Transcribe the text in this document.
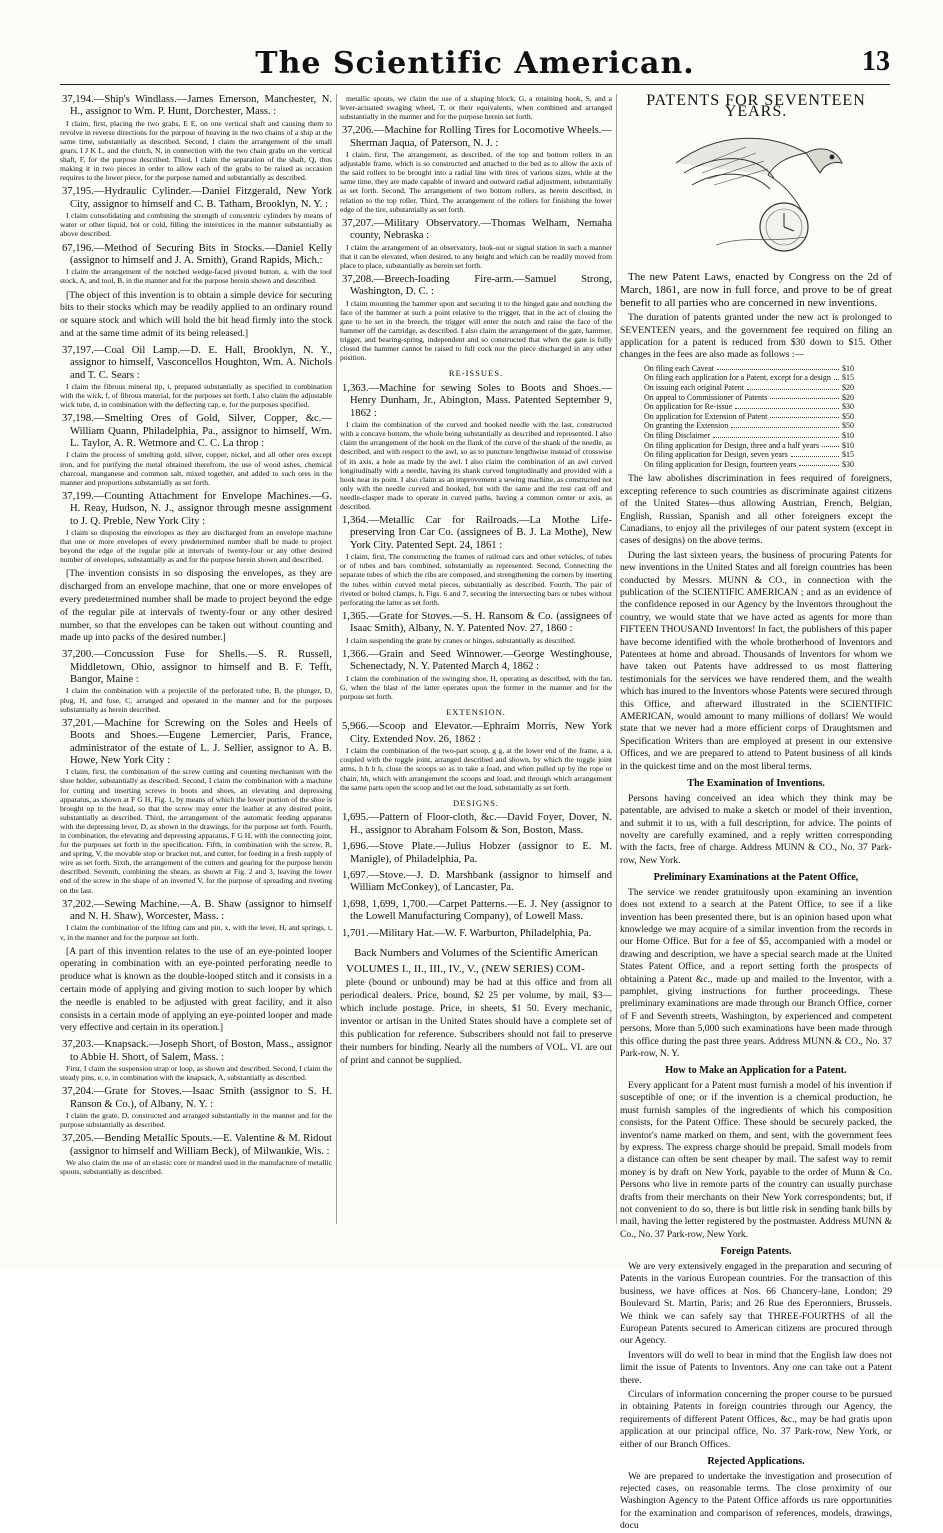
The Scientific American.	13

37,194.—Ship's Windlass.—James Emerson, Manchester, N. H., assignor to Wm. P. Hunt, Dorchester, Mass. :

I claim, first, placing the two grabs, E E, on one vertical shaft and causing them to revolve in reverse directions for the purpose of heaving in the two chains of a ship at the same time, substantially as described. Second, I claim the arrangement of the small gears, I J K L, and the clutch, N, in connection with the two chain grabs on the vertical shaft, F, for the purpose described. Third, I claim the separation of the shaft, Q, thus making it in two pieces in order to allow each of the grabs to be raised as occasion requires to the lower piece, for the purpose named and substantially as described.

37,195.—Hydraulic Cylinder.—Daniel Fitzgerald, New York City, assignor to himself and C. B. Tatham, Brooklyn, N. Y. :

I claim consolidating and combining the strength of concentric cylinders by means of water or other liquid, hot or cold, filling the interstices in the manner substantially as above described.

67,196.—Method of Securing Bits in Stocks.—Daniel Kelly (assignor to himself and J. A. Smith), Grand Rapids, Mich.:

I claim the arrangement of the notched wedge-faced pivoted button, a, with the tool stock, A, and tool, B, in the manner and for the purpose herein shown and described.

[The object of this invention is to obtain a simple device for securing bits to their stocks which may be readily applied to an ordinary round or square stock and which will hold the bit head firmly into the stock and at the same time admit of its being released.]

37,197.—Coal Oil Lamp.—D. E. Hall, Brooklyn, N. Y., assignor to himself, Vasconcellos Houghton, Wm. A. Nichols and T. C. Sears :

I claim the fibrous mineral tip, i, prepared substantially as specified in combination with the wick, f, of fibrous material, for the purposes set forth. I also claim the adjustable wick tube, d, in combination with the deflecting cap, e, for the purposes specified.

37,198.—Smelting Ores of Gold, Silver, Copper, &c.—William Quann, Philadelphia, Pa., assignor to himself, Wm. L. Taylor, A. R. Wetmore and C. C. La throp :

I claim the process of smelting gold, silver, copper, nickel, and all other ores except iron, and for purifying the metal obtained therefrom, the use of wood ashes, chemical charcoal, manganese and common salt, mixed together, and added to such ores in the manner and proportions substantially as set forth.

37,199.—Counting Attachment for Envelope Machines.—G. H. Reay, Hudson, N. J., assignor through mesne assignment to J. Q. Preble, New York City :

I claim so disposing the envelopes as they are discharged from an envelope machine that one or more envelopes of every predetermined number shall be made to project beyond the edge of the regular pile at intervals of twenty-four or any other desired number of envelopes, substantially as and for the purpose herein shown and described.

[The invention consists in so disposing the envelopes, as they are discharged from an envelope machine, that one or more envelopes of every predetermined number shall be made to project beyond the edge of the regular pile at intervals of twenty-four or any other desired number, so that the envelopes can be taken out without counting and made up into packs of the desired number.]

37,200.—Concussion Fuse for Shells.—S. R. Russell, Middletown, Ohio, assignor to himself and B. F. Tefft, Bangor, Maine :

I claim the combination with a projectile of the perforated tube, B, the plunger, D, plug, H, and fuse, C, arranged and operated in the manner and for the purposes substantially as herein described.

37,201.—Machine for Screwing on the Soles and Heels of Boots and Shoes.—Eugene Lemercier, Paris, France, administrator of the estate of L. J. Sellier, assignor to A. B. Howe, New York City :

I claim, first, the combination of the screw cutting and counting mechanism with the shoe holder, substantially as described. Second, I claim the combination with a machine for cutting and inserting screws in boots and shoes, an elevating and depressing apparatus, as shown at F G H, Fig. 1, by means of which the lower portion of the shoe is brought up to the head, so that the screw may enter the leather at any desired point, substantially as described. Third, the arrangement of the automatic feeding apparatus with the depressing lever, D, as shown in the drawings, for the purpose set forth. Fourth, in combination, the elevating and depressing apparatus, F G H, with the connecting joint, for the purposes set forth in the specification. Fifth, in combination with the screw, R, and spring, V, the movable stop or bracket nut, and cutter, for feeding in a fresh supply of wire as set forth. Sixth, the arrangement of the cutters and gearing for the purpose herein described. Seventh, combining the shears, as shown at Fig. 2 and 3, leaving the lower end of the screw in the shape of an inverted V, for the purpose of spreading and riveting on the last.

37,202.—Sewing Machine.—A. B. Shaw (assignor to himself and N. H. Shaw), Worcester, Mass. :

I claim the combination of the lifting cam and pin, x, with the lever, H, and springs, t, v, in the manner and for the purpose set forth.

[A part of this invention relates to the use of an eye-pointed looper operating in combination with an eye-pointed perforating needle to produce what is known as the double-looped stitch and it consists in a certain mode of applying and giving motion to such looper by which the needle is enabled to be adjusted with great facility, and it also consists in a certain mode of applying an eye-pointed looper and made very effective and certain in its operation.]

37,203.—Knapsack.—Joseph Short, of Boston, Mass., assignor to Abbie H. Short, of Salem, Mass. :

First, I claim the suspension strap or loop, as shown and described. Second, I claim the steady pins, e, e, in combination with the knapsack, A, substantially as described.

37,204.—Grate for Stoves.—Isaac Smith (assignor to S. H. Ranson & Co.), of Albany, N. Y. :

I claim the grate, D, constructed and arranged substantially in the manner and for the purpose substantially as described.

37,205.—Bending Metallic Spouts.—E. Valentine & M. Ridout (assignor to himself and William Beck), of Milwaukie, Wis. :

We also claim the use of an elastic core or mandrel used in the manufacture of metallic spouts, substantially as described.

metallic spouts, we claim the use of a shaping block, G, a retaining hook, S, and a lever-actuated swaging wheel, T, or their equivalents, when combined and arranged substantially in the manner and for the purpose herein set forth.

37,206.—Machine for Rolling Tires for Locomotive Wheels.—Sherman Jaqua, of Paterson, N. J. :

I claim, first, The arrangement, as described, of the top and bottom rollers in an adjustable frame, which is so constructed and attached to the bed as to allow the axis of the said rollers to be brought into a radial line with tires of various sizes, while at the same time, they are made capable of inward and outward radial adjustment, substantially as set forth. Second, The arrangement of two bottom rollers, as herein described, in relation to the top roller. Third, The arrangement of the rollers for finishing the lower edge of the tire, substantially as set forth.

37,207.—Military Observatory.—Thomas Welham, Nemaha county, Nebraska :

I claim the arrangement of an observatory, look-out or signal station in such a manner that it can be elevated, when desired, to any height and which can be readily moved from place to place, substantially as herein set forth.

37,208.—Breech-loading Fire-arm.—Samuel Strong, Washington, D. C. :

I claim mounting the hammer upon and securing it to the hinged gate and notching the face of the hammer at such a point relative to the trigger, that in the act of closing the gate to be set in the breech, the trigger will enter the notch and raise the face of the hammer off the cartridge, as described. I also claim the arrangement of the gate, hammer, trigger, and bearing-spring, independent and so constructed that when the gate is fully closed the hammer cannot be raised to full cock nor the piece discharged in any other position.

RE-ISSUES.

1,363.—Machine for sewing Soles to Boots and Shoes.—Henry Dunham, Jr., Abington, Mass. Patented September 9, 1862 :

I claim the combination of the curved and hooked needle with the last, constructed with a concave bottom, the whole being substantially as described and represented. I also claim the arrangement of the hook on the flank of the curve of the shank of the needle, as described, and with respect to the awl, so as to puncture lengthwise instead of crosswise of its axis, a hole as made by the awl. I also claim the combination of an awl curved longitudinally with a needle, having its shank curved longitudinally and provided with a hook near its point. I also claim as an improvement a sewing machine, as constructed not only with the needle curved and hooked, but with the same and the rest cast off and needle-clasper made to operate in curved paths, having a common center or axis, as described.

1,364.—Metallic Car for Railroads.—La Mothe Life-preserving Iron Car Co. (assignees of B. J. La Mothe), New York City. Patented Sept. 24, 1861 :

I claim, first, The constructing the frames of railroad cars and other vehicles, of tubes or of tubes and bars combined, substantially as represented. Second, Connecting the separate tubes of which the ribs are composed, and strengthening the corners by inserting the tubes within curved metal pieces, substantially as described. Fourth, The pair of riveted or bolted clamps, h, Figs. 6 and 7, securing the intersecting bars or tubes without perforating the latter as set forth.

1,365.—Grate for Stoves.—S. H. Ransom & Co. (assignees of Isaac Smith), Albany, N. Y. Patented Nov. 27, 1860 :

I claim suspending the grate by cranes or hinges, substantially as described.

1,366.—Grain and Seed Winnower.—George Westinghouse, Schenectady, N. Y. Patented March 4, 1862 :

I claim the combination of the swinging shoe, H, operating as described, with the fan, G, when the blast of the latter operates upon the former in the manner and for the purpose set forth.

EXTENSION.

5,966.—Scoop and Elevator.—Ephraim Morris, New York City. Extended Nov. 26, 1862 :

I claim the combination of the two-part scoop, g g, at the lower end of the frame, a a, coupled with the toggle joint, arranged described and shown, by which the toggle joint arms, h h h h, close the scoops so as to take a load, and when pulled up by the rope or chain, hh, which with arrangement the scoops and load, and through which arrangement the same parts open the scoop and let out the load, substantially as set forth.

DESIGNS.

1,695.—Pattern of Floor-cloth, &c.—David Foyer, Dover, N. H., assignor to Abraham Folsom & Son, Boston, Mass.

1,696.—Stove Plate.—Julius Hobzer (assignor to E. M. Manigle), of Philadelphia, Pa.

1,697.—Stove.—J. D. Marshbank (assignor to himself and William McConkey), of Lancaster, Pa.

1,698, 1,699, 1,700.—Carpet Patterns.—E. J. Ney (assignor to the Lowell Manufacturing Company), of Lowell Mass.

1,701.—Military Hat.—W. F. Warburton, Philadelphia, Pa.

Back Numbers and Volumes of the Scientific American

VOLUMES I., II., III., IV., V., (NEW SERIES) COM-

plete (bound or unbound) may be had at this office and from all periodical dealers. Price, bound, $2 25 per volume, by mail, $3—which include postage. Price, in sheets, $1 50. Every mechanic, inventor or artisan in the United States should have a complete set of this publication for reference. Subscribers should not fail to preserve their numbers for binding. Nearly all the numbers of VOL. VI. are out of print and cannot be supplied.

PATENTS FOR SEVENTEEN YEARS.

The new Patent Laws, enacted by Congress on the 2d of March, 1861, are now in full force, and prove to be of great benefit to all parties who are concerned in new inventions.

The duration of patents granted under the new act is prolonged to SEVENTEEN years, and the government fee required on filing an application for a patent is reduced from $30 down to $15. Other changes in the fees are also made as follows :—

On filing each Caveat	$10
On filing each application for a Patent, except for a design $15
On issuing each original Patent	$20
On appeal to Commissioner of Patents	$20
On application for Re-issue	$30
On application for Extension of Patent	$50
On granting the Extension	$50
On filing Disclaimer	$10
On filing application for Design, three and a half years	$10
On filing application for Design, seven years	$15
On filing application for Design, fourteen years	$30

The law abolishes discrimination in fees required of foreigners, excepting reference to such countries as discriminate against citizens of the United States—thus allowing Austrian, French, Belgian, English, Russian, Spanish and all other foreigners except the Canadians, to enjoy all the privileges of our patent system (except in cases of designs) on the above terms.

During the last sixteen years, the business of procuring Patents for new inventions in the United States and all foreign countries has been conducted by Messrs. MUNN & CO., in connection with the publication of the SCIENTIFIC AMERICAN ; and as an evidence of the confidence reposed in our Agency by the Inventors throughout the country, we would state that we have acted as agents for more than FIFTEEN THOUSAND Inventors! In fact, the publishers of this paper have become identified with the whole brotherhood of Inventors and Patentees at home and abroad. Thousands of Inventors for whom we have taken out Patents have addressed to us most flattering testimonials for the services we have rendered them, and the wealth which has inured to the Inventors whose Patents were secured through this Office, and afterward illustrated in the SCIENTIFIC AMERICAN, would amount to many millions of dollars! We would state that we never had a more efficient corps of Draughtsmen and Specification Writers than are employed at present in our extensive Offices, and we are prepared to attend to Patent business of all kinds in the quickest time and on the most liberal terms.

The Examination of Inventions.

Persons having conceived an idea which they think may be patentable, are advised to make a sketch or model of their invention, and submit it to us, with a full description, for advice. The points of novelty are carefully examined, and a reply written corresponding with the facts, free of charge. Address MUNN & CO., No. 37 Park-row, New York.

Preliminary Examinations at the Patent Office,

The service we render gratuitously upon examining an invention does not extend to a search at the Patent Office, to see if a like invention has been presented there, but is an opinion based upon what knowledge we may acquire of a similar invention from the records in our Home Office. But for a fee of $5, accompanied with a model or drawing and description, we have a special search made at the United States Patent Office, and a report setting forth the prospects of obtaining a Patent &c., made up and mailed to the Inventor, with a pamphlet, giving instructions for further proceedings. These preliminary examinations are made through our Branch Office, corner of F and Seventh streets, Washington, by experienced and competent persons. More than 5,000 such examinations have been made through this office during the past three years. Address MUNN & CO., No. 37 Park-row, N. Y.

How to Make an Application for a Patent.

Every applicant for a Patent must furnish a model of his invention if susceptible of one; or if the invention is a chemical production, he must furnish samples of the ingredients of which his composition consists, for the Patent Office. These should be securely packed, the inventor's name marked on them, and sent, with the government fees by express. The express charge should be prepaid. Small models from a distance can often be sent cheaper by mail. The safest way to remit money is by draft on New York, payable to the order of Munn & Co. Persons who live in remote parts of the country can usually purchase drafts from their merchants on their New York correspondents; but, if not convenient to do so, there is but little risk in sending bank bills by mail, having the letter registered by the postmaster. Address MUNN & Co., No. 37 Park-row, New York.

Foreign Patents.

We are very extensively engaged in the preparation and securing of Patents in the various European countries. For the transaction of this business, we have offices at Nos. 66 Chancery-lane, London; 29 Boulevard St. Martin, Paris; and 26 Rue des Eperonniers, Brussels. We think we can safely say that THREE-FOURTHS of all the European Patents secured to American citizens are procured through our Agency.

Inventors will do well to bear in mind that the English law does not limit the issue of Patents to Inventors. Any one can take out a Patent there.

Circulars of information concerning the proper course to be pursued in obtaining Patents in foreign countries through our Agency, the requirements of different Patent Offices, &c., may be had gratis upon application at our principal office, No. 37 Park-row, New York, or either of our Branch Offices.

Rejected Applications.

We are prepared to undertake the investigation and prosecution of rejected cases, on reasonable terms. The close proximity of our Washington Agency to the Patent Office affords us rare opportunities for the examination and comparison of references, models, drawings, docu
